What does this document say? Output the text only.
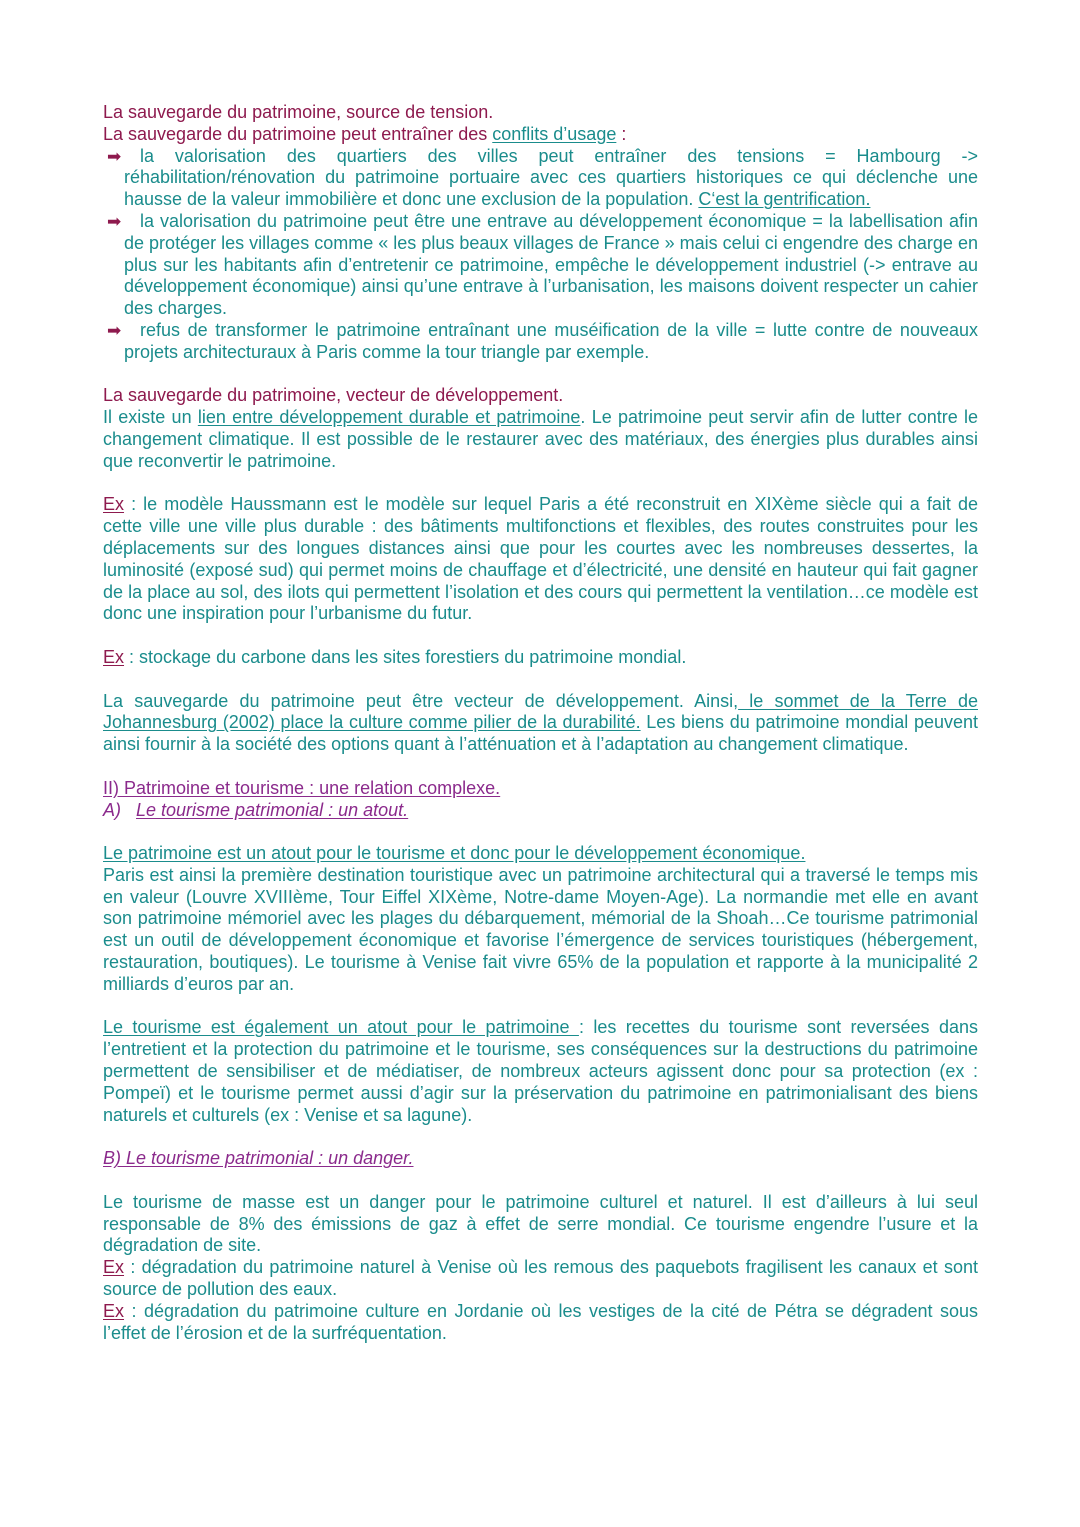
La sauvegarde du patrimoine, source de tension.

La sauvegarde du patrimoine peut entraîner des conflits d’usage :

➡	la valorisation des quartiers des villes peut entraîner des tensions = Hambourg -> réhabilitation/rénovation du patrimoine portuaire avec ces quartiers historiques ce qui déclenche une hausse de la valeur immobilière et donc une exclusion de la population. C‘est la gentrification.

➡	la valorisation du patrimoine peut être une entrave au développement économique = la labellisation afin de protéger les villages comme « les plus beaux villages de France » mais celui ci engendre des charge en plus sur les habitants afin d’entretenir ce patrimoine, empêche le développement industriel (-> entrave au développement économique) ainsi qu’une entrave à l’urbanisation, les maisons doivent respecter un cahier des charges.

➡	refus de transformer le patrimoine entraînant une muséification de la ville = lutte contre de nouveaux projets architecturaux à Paris comme la tour triangle par exemple.

La sauvegarde du patrimoine, vecteur de développement.

Il existe un lien entre développement durable et patrimoine. Le patrimoine peut servir afin de lutter contre le changement climatique. Il est possible de le restaurer avec des matériaux, des énergies plus durables ainsi que reconvertir le patrimoine.

Ex : le modèle Haussmann est le modèle sur lequel Paris a été reconstruit en XIXème siècle qui a fait de cette ville une ville plus durable : des bâtiments multifonctions et flexibles, des routes construites pour les déplacements sur des longues distances ainsi que pour les courtes avec les nombreuses dessertes, la luminosité (exposé sud) qui permet moins de chauffage et d’électricité, une densité en hauteur qui fait gagner de la place au sol, des ilots qui permettent l’isolation et des cours qui permettent la ventilation…ce modèle est donc une inspiration pour l’urbanisme du futur.

Ex : stockage du carbone dans les sites forestiers du patrimoine mondial.

La sauvegarde du patrimoine peut être vecteur de développement. Ainsi, le sommet de la Terre de Johannesburg (2002) place la culture comme pilier de la durabilité. Les biens du patrimoine mondial peuvent ainsi fournir à la société des options quant à l’atténuation et à l’adaptation au changement climatique.

II) Patrimoine et tourisme : une relation complexe.

A) Le tourisme patrimonial : un atout.

Le patrimoine est un atout pour le tourisme et donc pour le développement économique.

Paris est ainsi la première destination touristique avec un patrimoine architectural qui a traversé le temps mis en valeur (Louvre XVIIIème, Tour Eiffel XIXème, Notre-dame Moyen-Age). La normandie met elle en avant son patrimoine mémoriel avec les plages du débarquement, mémorial de la Shoah…Ce tourisme patrimonial est un outil de développement économique et favorise l’émergence de services touristiques (hébergement, restauration, boutiques). Le tourisme à Venise fait vivre 65% de la population et rapporte à la municipalité 2 milliards d’euros par an.

Le tourisme est également un atout pour le patrimoine : les recettes du tourisme sont reversées dans l’entretient et la protection du patrimoine et le tourisme, ses conséquences sur la destructions du patrimoine permettent de sensibiliser et de médiatiser, de nombreux acteurs agissent donc pour sa protection (ex : Pompeï) et le tourisme permet aussi d’agir sur la préservation du patrimoine en patrimonialisant des biens naturels et culturels (ex : Venise et sa lagune).

B) Le tourisme patrimonial : un danger.

Le tourisme de masse est un danger pour le patrimoine culturel et naturel. Il est d’ailleurs à lui seul responsable de 8% des émissions de gaz à effet de serre mondial. Ce tourisme engendre l’usure et la dégradation de site.

Ex : dégradation du patrimoine naturel à Venise où les remous des paquebots fragilisent les canaux et sont source de pollution des eaux.

Ex : dégradation du patrimoine culture en Jordanie où les vestiges de la cité de Pétra se dégradent sous l’effet de l’érosion et de la surfréquentation.
